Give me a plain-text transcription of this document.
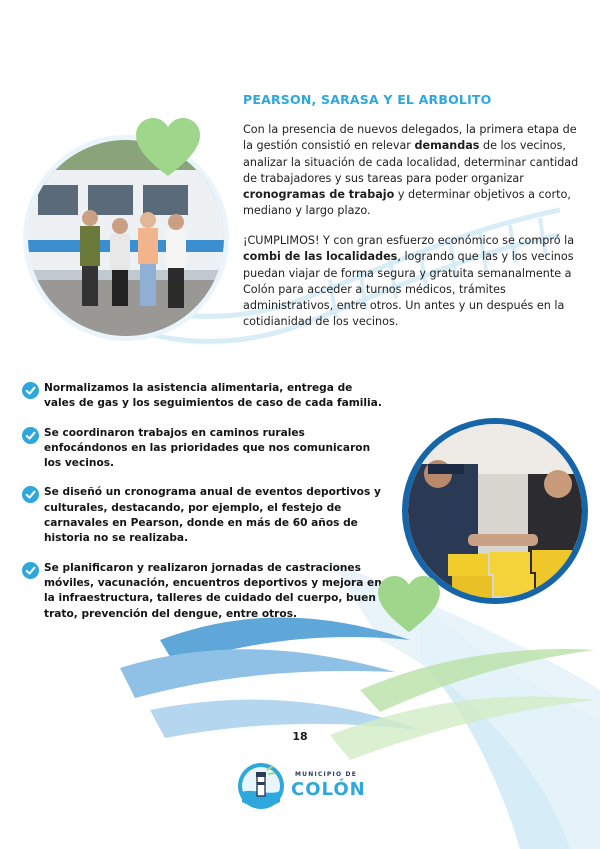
PEARSON, SARASA Y EL ARBOLITO
Con la presencia de nuevos delegados, la primera etapa de la gestión consistió en relevar demandas de los vecinos, analizar la situación de cada localidad, determinar cantidad de trabajadores y sus tareas para poder organizar cronogramas de trabajo y determinar objetivos a corto, mediano y largo plazo.
¡CUMPLIMOS! Y con gran esfuerzo económico se compró la combi de las localidades, logrando que las y los vecinos puedan viajar de forma segura y gratuita semanalmente a Colón para acceder a turnos médicos, trámites administrativos, entre otros. Un antes y un después en la cotidianidad de los vecinos.
Normalizamos la asistencia alimentaria, entrega de vales de gas y los seguimientos de caso de cada familia.
Se coordinaron trabajos en caminos rurales enfocándonos en las prioridades que nos comunicaron los vecinos.
Se diseñó un cronograma anual de eventos deportivos y culturales, destacando, por ejemplo, el festejo de carnavales en Pearson, donde en más de 60 años de historia no se realizaba.
Se planificaron y realizaron jornadas de castraciones móviles, vacunación, encuentros deportivos y mejora en la infraestructura, talleres de cuidado del cuerpo, buen trato, prevención del dengue, entre otros.
18
MUNICIPIO DE
COLÓN
